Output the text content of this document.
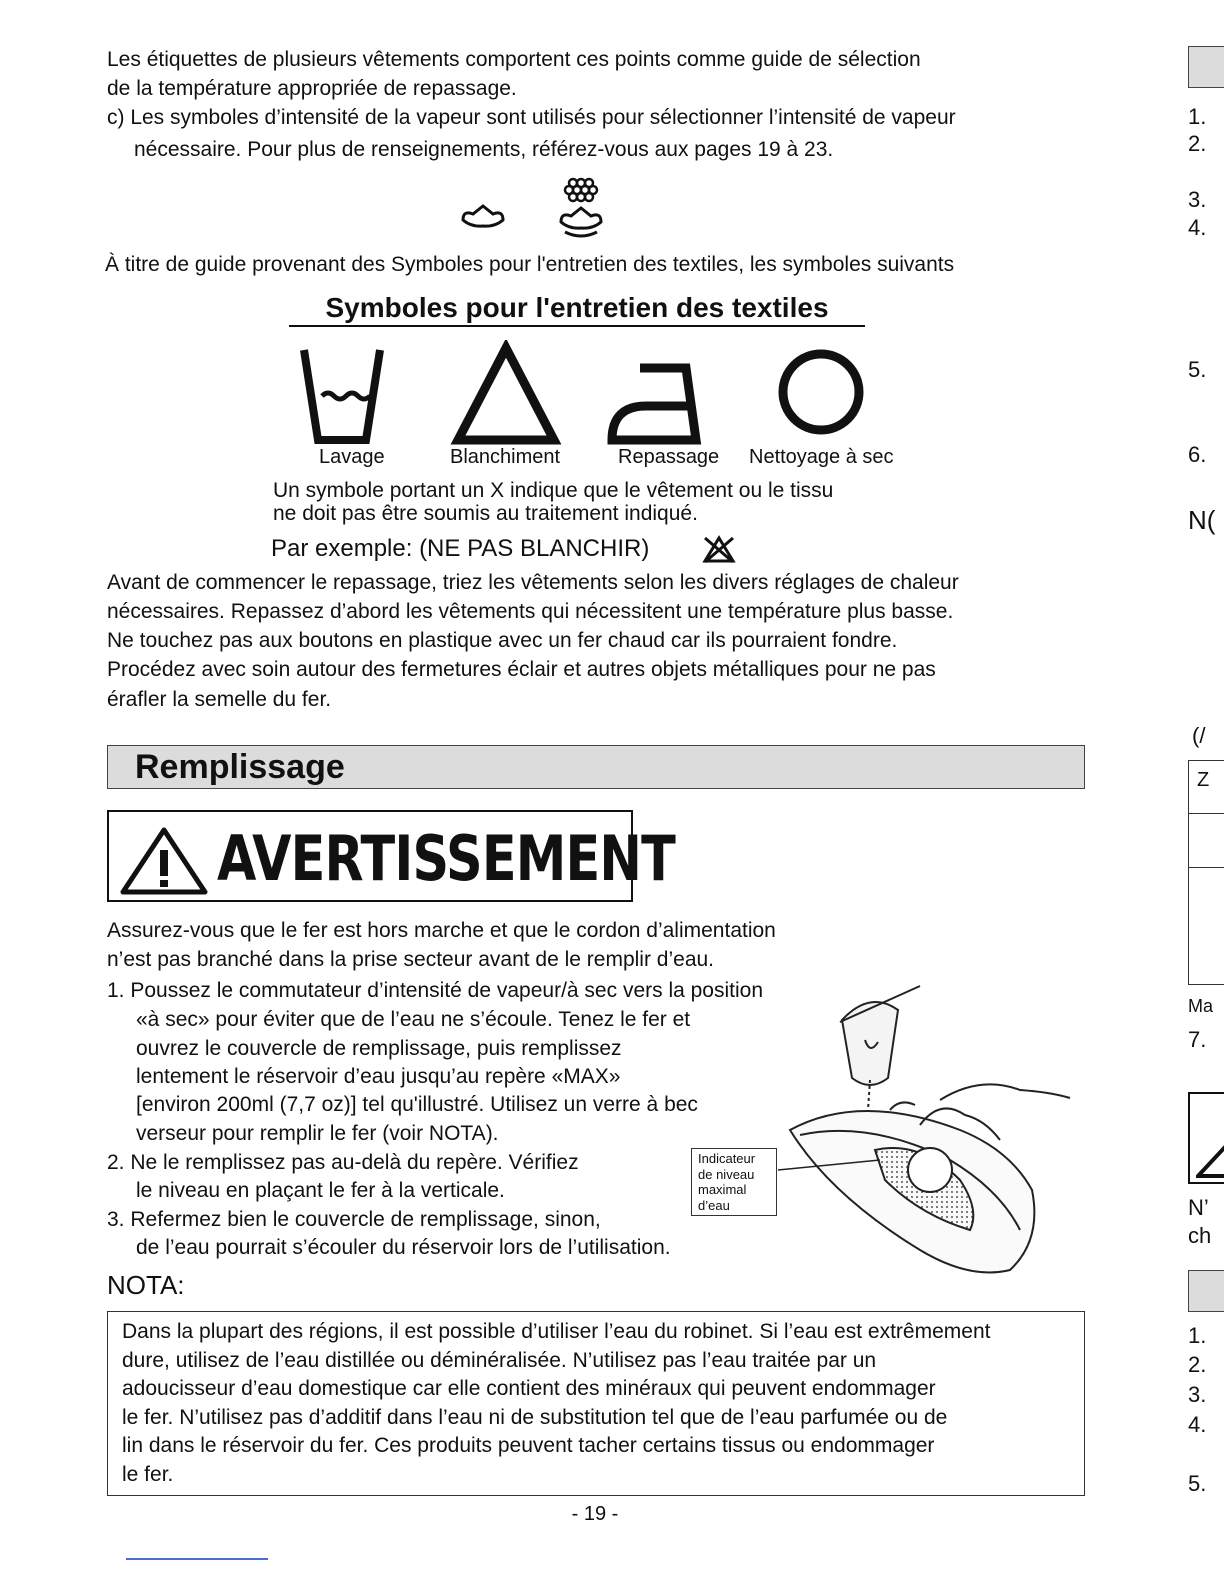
Les étiquettes de plusieurs vêtements comportent ces points comme guide de sélection

de la température appropriée de repassage.

c) Les symboles d’intensité de la vapeur sont utilisés pour sélectionner l’intensité de vapeur

nécessaire. Pour plus de renseignements, référez-vous aux pages 19 à 23.

À titre de guide provenant des Symboles pour l'entretien des textiles, les symboles suivants

Symboles pour l'entretien des textiles
Lavage	Blanchiment	Repassage Nettoyage à sec

Un symbole portant un X indique que le vêtement ou le tissu

ne doit pas être soumis au traitement indiqué.

Par exemple: (NE PAS BLANCHIR)

Avant de commencer le repassage, triez les vêtements selon les divers réglages de chaleur

nécessaires. Repassez d’abord les vêtements qui nécessitent une température plus basse.

Ne touchez pas aux boutons en plastique avec un fer chaud car ils pourraient fondre.

Procédez avec soin autour des fermetures éclair et autres objets métalliques pour ne pas

érafler la semelle du fer.

Remplissage
AVERTISSEMENT

Assurez-vous que le fer est hors marche et que le cordon d’alimentation

n’est pas branché dans la prise secteur avant de le remplir d’eau.

1. Poussez le commutateur d’intensité de vapeur/à sec vers la position

«à sec» pour éviter que de l’eau ne s’écoule. Tenez le fer et

ouvrez le couvercle de remplissage, puis remplissez

lentement le réservoir d’eau jusqu’au repère «MAX»

[environ 200ml (7,7 oz)] tel qu'illustré. Utilisez un verre à bec

verseur pour remplir le fer (voir NOTA).

2. Ne le remplissez pas au-delà du repère. Vérifiez

le niveau en plaçant le fer à la verticale.

3. Refermez bien le couvercle de remplissage, sinon,

de l’eau pourrait s’écouler du réservoir lors de l’utilisation.

Indicateur
de niveau
maximal
d’eau
NOTA:

Dans la plupart des régions, il est possible d’utiliser l’eau du robinet. Si l’eau est extrêmement

dure, utilisez de l’eau distillée ou déminéralisée. N’utilisez pas l’eau traitée par un

adoucisseur d’eau domestique car elle contient des minéraux qui peuvent endommager

le fer. N’utilisez pas d’additif dans l’eau ni de substitution tel que de l’eau parfumée ou de

lin dans le réservoir du fer. Ces produits peuvent tacher certains tissus ou endommager

le fer.

- 19 -
1.
2.
3.
4.
5.
6.
N(
(/
Z
Ma
7.
N’
ch
1.
2.
3.
4.
5.
